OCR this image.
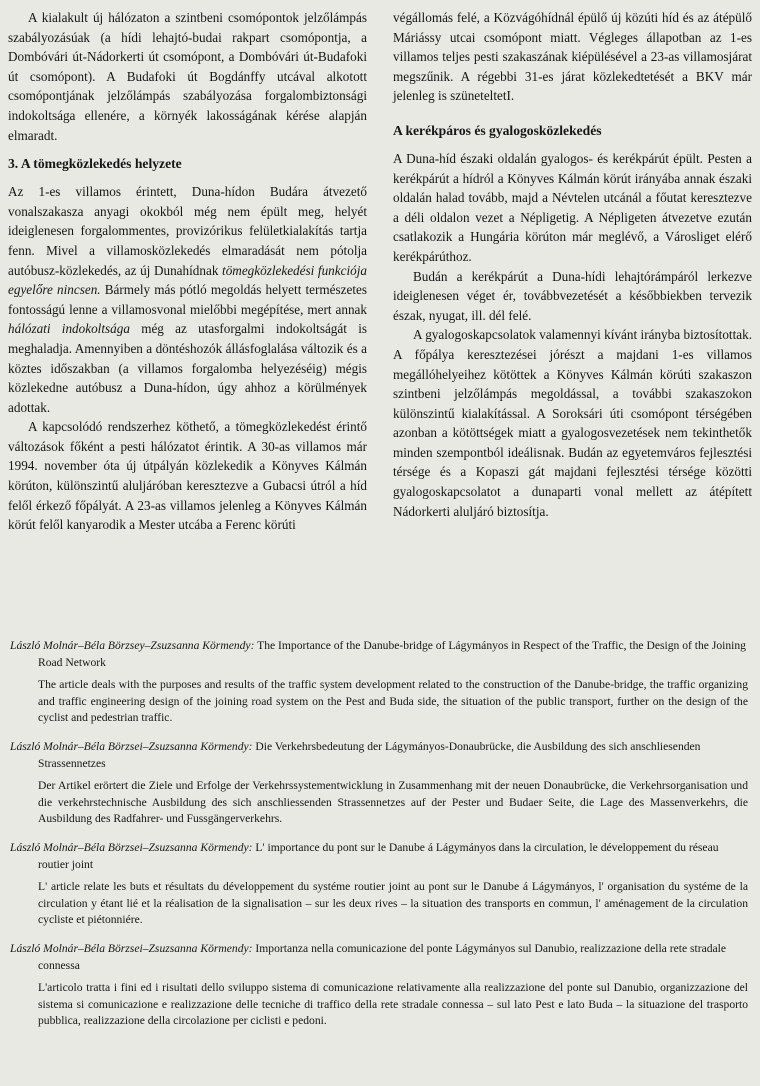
A kialakult új hálózaton a szintbeni csomópontok jelzőlámpás szabályozásúak (a hídi lehajtó-budai rakpart csomópontja, a Dombóvári út-Nádorkerti út csomópont, a Dombóvári út-Budafoki út csomópont). A Budafoki út Bogdánffy utcával alkotott csomópontjának jelzőlámpás szabályozása forgalombiztonsági indokoltsága ellenére, a környék lakosságának kérése alapján elmaradt.

3. A tömegközlekedés helyzete

Az 1-es villamos érintett, Duna-hídon Budára átvezető vonalszakasza anyagi okokból még nem épült meg, helyét ideiglenesen forgalommentes, provizórikus felületkialakítás tartja fenn. Mivel a villamosközlekedés elmaradását nem pótolja autóbusz-közlekedés, az új Dunahídnak tömegközlekedési funkciója egyelőre nincsen. Bármely más pótló megoldás helyett természetes fontosságú lenne a villamosvonal mielőbbi megépítése, mert annak hálózati indokoltsága még az utasforgalmi indokoltságát is meghaladja. Amennyiben a döntéshozók állásfoglalása változik és a köztes időszakban (a villamos forgalomba helyezéséig) mégis közlekedne autóbusz a Duna-hídon, úgy ahhoz a körülmények adottak.

A kapcsolódó rendszerhez köthető, a tömegközlekedést érintő változások főként a pesti hálózatot érintik. A 30-as villamos már 1994. november óta új útpályán közlekedik a Könyves Kálmán körúton, különszintű aluljáróban keresztezve a Gubacsi útról a híd felől érkező főpályát. A 23-as villamos jelenleg a Könyves Kálmán körút felől kanyarodik a Mester utcába a Ferenc körúti

végállomás felé, a Közvágóhídnál épülő új közúti híd és az átépülő Máriássy utcai csomópont miatt. Végleges állapotban az 1-es villamos teljes pesti szakaszának kiépülésével a 23-as villamosjárat megszűnik. A régebbi 31-es járat közlekedtetését a BKV már jelenleg is szüneteltetI.

A kerékpáros és gyalogosközlekedés

A Duna-híd északi oldalán gyalogos- és kerékpárút épült. Pesten a kerékpárút a hídról a Könyves Kálmán körút irányába annak északi oldalán halad tovább, majd a Névtelen utcánál a főutat keresztezve a déli oldalon vezet a Népligetig. A Népligeten átvezetve ezután csatlakozik a Hungária körúton már meglévő, a Városliget elérő kerékpárúthoz.

Budán a kerékpárút a Duna-hídi lehajtórámpáról lerkezve ideiglenesen véget ér, továbbvezetését a későbbiekben tervezik észak, nyugat, ill. dél felé.

A gyalogoskapcsolatok valamennyi kívánt irányba biztosítottak. A főpálya keresztezései jórészt a majdani 1-es villamos megállóhelyeihez kötöttek a Könyves Kálmán körúti szakaszon szintbeni jelzőlámpás megoldással, a további szakaszokon különszintű kialakítással. A Soroksári úti csomópont térségében azonban a kötöttségek miatt a gyalogosvezetések nem tekinthetők minden szempontból ideálisnak. Budán az egyetemváros fejlesztési térsége és a Kopaszi gát majdani fejlesztési térsége közötti gyalogoskapcsolatot a dunaparti vonal mellett az átépített Nádorkerti aluljáró biztosítja.

László Molnár–Béla Börzsey–Zsuzsanna Körmendy: The Importance of the Danube-bridge of Lágymányos in Respect of the Traffic, the Design of the Joining Road Network

The article deals with the purposes and results of the traffic system development related to the construction of the Danube-bridge, the traffic organizing and traffic engineering design of the joining road system on the Pest and Buda side, the situation of the public transport, further on the design of the cyclist and pedestrian traffic.

László Molnár–Béla Börzsei–Zsuzsanna Körmendy: Die Verkehrsbedeutung der Lágymányos-Donaubrücke, die Ausbildung des sich anschliesenden Strassennetzes

Der Artikel erörtert die Ziele und Erfolge der Verkehrssystementwicklung in Zusammenhang mit der neuen Donaubrücke, die Verkehrsorganisation und die verkehrstechnische Ausbildung des sich anschliessenden Strassennetzes auf der Pester und Budaer Seite, die Lage des Massenverkehrs, die Ausbildung des Radfahrer- und Fussgängerverkehrs.

László Molnár–Béla Börzsei–Zsuzsanna Körmendy: L' importance du pont sur le Danube á Lágymányos dans la circulation, le développement du réseau routier joint

L' article relate les buts et résultats du développement du systéme routier joint au pont sur le Danube á Lágymányos, l' organisation du systéme de la circulation y étant lié et la réalisation de la signalisation – sur les deux rives – la situation des transports en commun, l' aménagement de la circulation cycliste et piétonniére.

László Molnár–Béla Börzsei–Zsuzsanna Körmendy: Importanza nella comunicazione del ponte Lágymányos sul Danubio, realizzazione della rete stradale connessa

L'articolo tratta i fini ed i risultati dello sviluppo sistema di comunicazione relativamente alla realizzazione del ponte sul Danubio, organizzazione del sistema si comunicazione e realizzazione delle tecniche di traffico della rete stradale connessa – sul lato Pest e lato Buda – la situazione del trasporto pubblica, realizzazione della circolazione per ciclisti e pedoni.
